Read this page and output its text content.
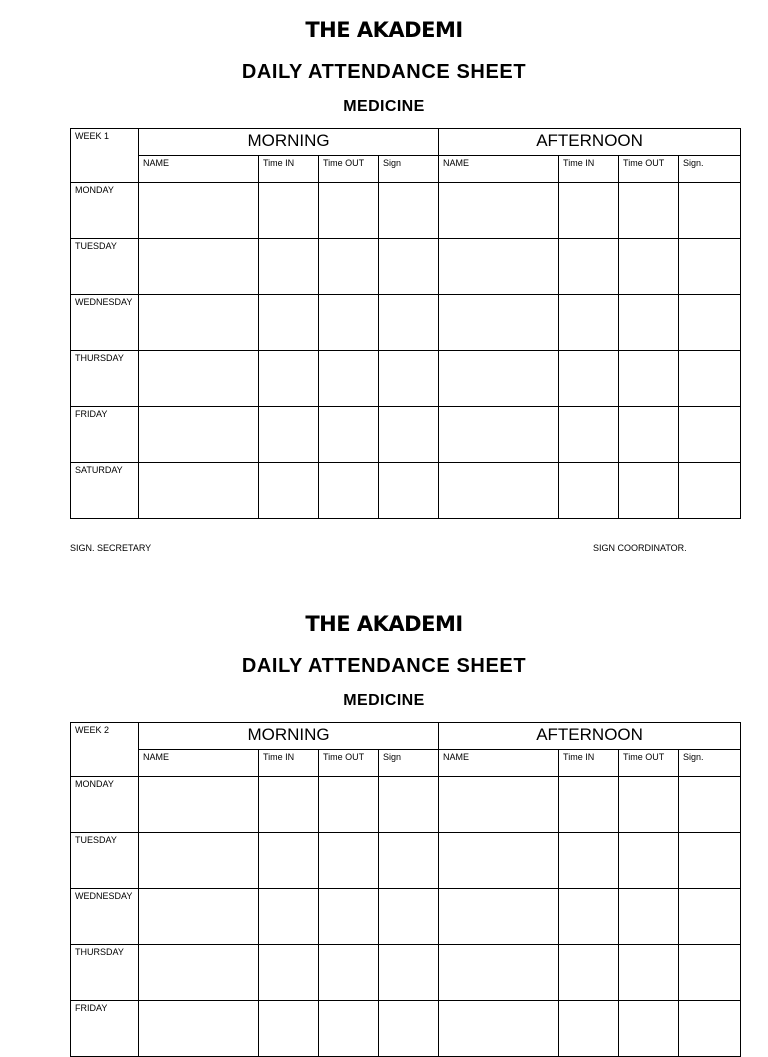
THE AKADEMI
DAILY ATTENDANCE SHEET
MEDICINE
WEEK 1	MORNING				AFTERNOON			

	NAME	Time IN	Time OUT	Sign	NAME	Time IN	Time OUT	Sign.

MONDAY								

TUESDAY								

WEDNESDAY								

THURSDAY								

FRIDAY								

SATURDAY								

SIGN. SECRETARY	SIGN COORDINATOR.
THE AKADEMI
DAILY ATTENDANCE SHEET
MEDICINE
WEEK 2	MORNING				AFTERNOON			

	NAME	Time IN	Time OUT	Sign	NAME	Time IN	Time OUT	Sign.

MONDAY								

TUESDAY								

WEDNESDAY								

THURSDAY								

FRIDAY								
